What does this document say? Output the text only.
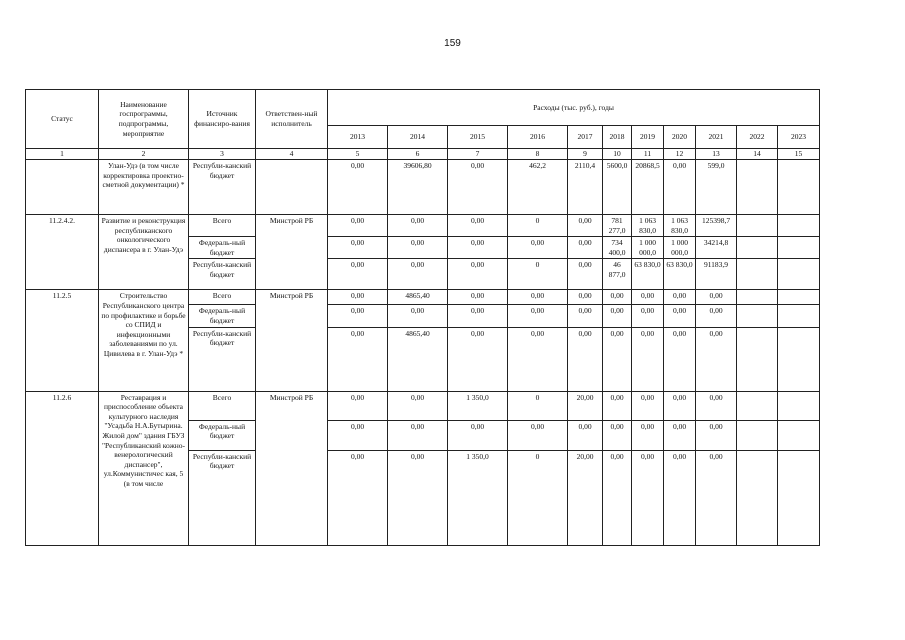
159
Статус	Наименование госпрограммы, подпрограммы, мероприятие	Источник финансиро-вания	Ответствен-ный исполнитель	Расходы (тыс. руб.), годы										
				2013	2014	2015	2016	2017	2018	2019	2020	2021	2022	2023
1	2	3	4	5	6	7	8	9	10	11	12	13	14	15
	Улан-Удэ (в том числе корректировка проектно-сметной документации) *	Республи-канский бюджет		0,00	39606,80	0,00	462,2	2110,4	5600,0	20868,5	0,00	599,0		
11.2.4.2.	Развитие и реконструкция республиканского онкологического диспансера в г. Улан-Удэ	Всего	Минстрой РБ	0,00	0,00	0,00	0	0,00	781 277,0	1 063 830,0	1 063 830,0	125398,7		
		Федераль-ный бюджет		0,00	0,00	0,00	0,00	0,00	734 400,0	1 000 000,0	1 000 000,0	34214,8		
		Республи-канский бюджет		0,00	0,00	0,00	0	0,00	46 877,0	63 830,0	63 830,0	91183,9		
11.2.5	Строительство Республиканского центра по профилактике и борьбе со СПИД и инфекционными заболеваниями по ул. Цивилева в г. Улан-Удэ *	Всего	Минстрой РБ	0,00	4865,40	0,00	0,00	0,00	0,00	0,00	0,00	0,00		
		Федераль-ный бюджет		0,00	0,00	0,00	0,00	0,00	0,00	0,00	0,00	0,00		
		Республи-канский бюджет		0,00	4865,40	0,00	0,00	0,00	0,00	0,00	0,00	0,00		
11.2.6	Реставрация и приспособление объекта культурного наследия "Усадьба Н.А.Бутырина. Жилой дом" здания ГБУЗ "Республиканский кожно-венерологический диспансер", ул.Коммунистичес кая, 5 (в том числе	Всего	Минстрой РБ	0,00	0,00	1 350,0	0	20,00	0,00	0,00	0,00	0,00		
		Федераль-ный бюджет		0,00	0,00	0,00	0,00	0,00	0,00	0,00	0,00	0,00		
		Республи-канский бюджет		0,00	0,00	1 350,0	0	20,00	0,00	0,00	0,00	0,00		
